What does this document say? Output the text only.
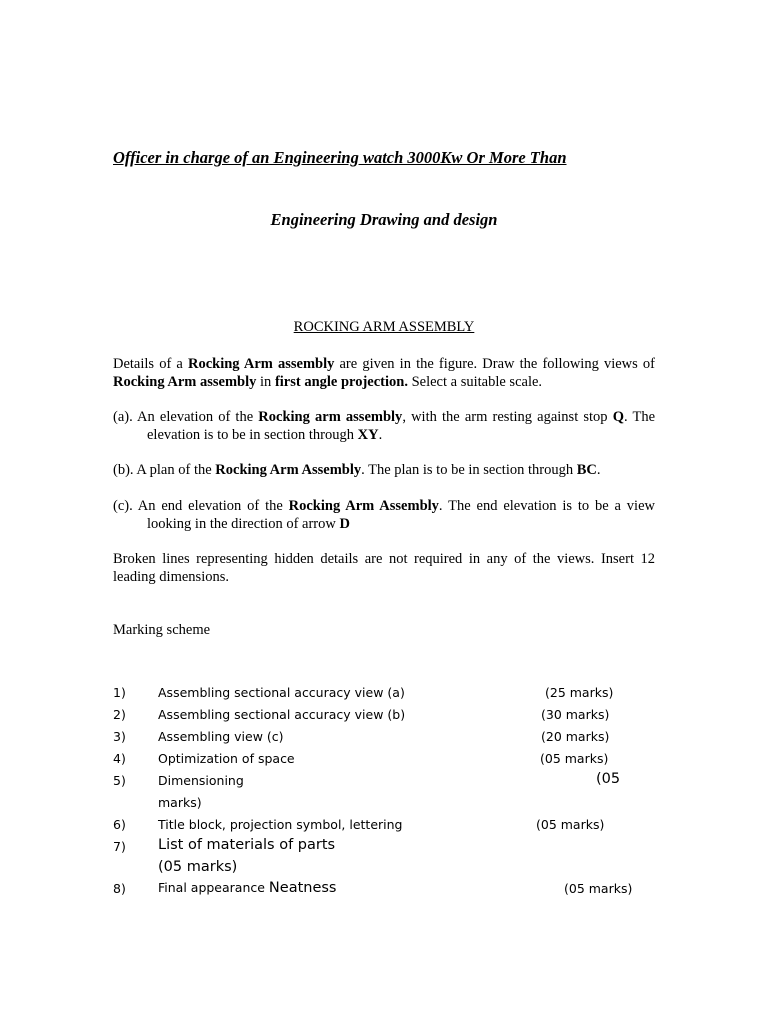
Officer in charge of an Engineering watch 3000Kw Or More Than
Engineering Drawing and design
ROCKING ARM ASSEMBLY
Details of a Rocking Arm assembly are given in the figure. Draw the following views of Rocking Arm assembly in first angle projection. Select a suitable scale.
(a). An elevation of the Rocking arm assembly, with the arm resting against stop Q. The elevation is to be in section through XY.
(b). A plan of the Rocking Arm Assembly. The plan is to be in section through BC.
(c). An end elevation of the Rocking Arm Assembly. The end elevation is to be a view looking in the direction of arrow D
Broken lines representing hidden details are not required in any of the views. Insert 12 leading dimensions.
Marking scheme
1)	Assembling sectional accuracy view (a)	(25 marks)
2)	Assembling sectional accuracy view (b)	(30 marks)
3)	Assembling view (c)	(20 marks)
4)	Optimization of space	(05 marks)
5)	Dimensioning	(05
marks)
6)	Title block, projection symbol, lettering	(05 marks)
7) List of materials of parts
(05 marks)
8)	Final appearance Neatness	(05 marks)
